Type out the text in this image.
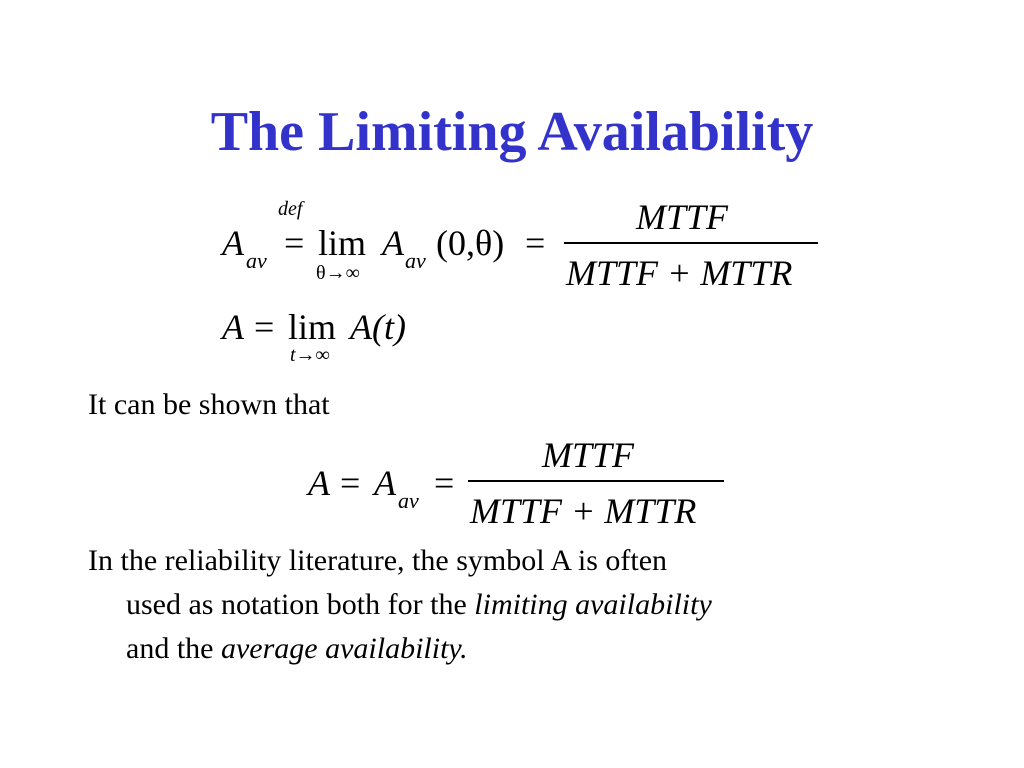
The Limiting Availability
def
A av = lim
θ→∞
A av (0,θ) =
MTTF
MTTF + MTTR
A = lim
t→∞
A(t)
It can be shown that
A = A av =
MTTF
MTTF + MTTR
In the reliability literature, the symbol A is often
used as notation both for the limiting availability
and the average availability.
